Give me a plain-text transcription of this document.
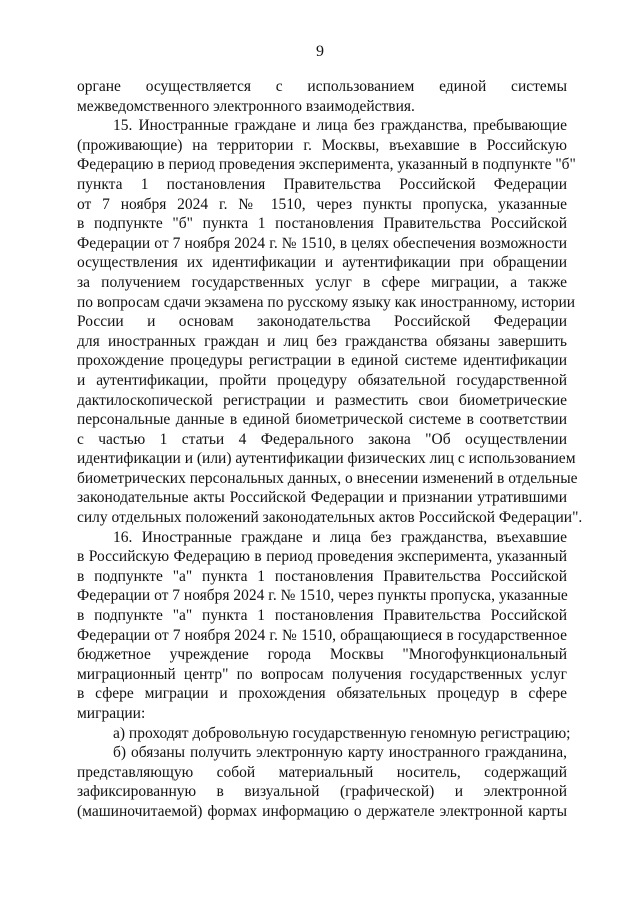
9
органе осуществляется с использованием единой системы
межведомственного электронного взаимодействия.
15. Иностранные граждане и лица без гражданства, пребывающие
(проживающие) на территории г. Москвы, въехавшие в Российскую
Федерацию в период проведения эксперимента, указанный в подпункте "б"
пункта 1 постановления Правительства Российской Федерации
от 7 ноября 2024 г. № 1510, через пункты пропуска, указанные
в подпункте "б" пункта 1 постановления Правительства Российской
Федерации от 7 ноября 2024 г. № 1510, в целях обеспечения возможности
осуществления их идентификации и аутентификации при обращении
за получением государственных услуг в сфере миграции, а также
по вопросам сдачи экзамена по русскому языку как иностранному, истории
России и основам законодательства Российской Федерации
для иностранных граждан и лиц без гражданства обязаны завершить
прохождение процедуры регистрации в единой системе идентификации
и аутентификации, пройти процедуру обязательной государственной
дактилоскопической регистрации и разместить свои биометрические
персональные данные в единой биометрической системе в соответствии
с частью 1 статьи 4 Федерального закона "Об осуществлении
идентификации и (или) аутентификации физических лиц с использованием
биометрических персональных данных, о внесении изменений в отдельные
законодательные акты Российской Федерации и признании утратившими
силу отдельных положений законодательных актов Российской Федерации".
16. Иностранные граждане и лица без гражданства, въехавшие
в Российскую Федерацию в период проведения эксперимента, указанный
в подпункте "а" пункта 1 постановления Правительства Российской
Федерации от 7 ноября 2024 г. № 1510, через пункты пропуска, указанные
в подпункте "а" пункта 1 постановления Правительства Российской
Федерации от 7 ноября 2024 г. № 1510, обращающиеся в государственное
бюджетное учреждение города Москвы "Многофункциональный
миграционный центр" по вопросам получения государственных услуг
в сфере миграции и прохождения обязательных процедур в сфере
миграции:
а) проходят добровольную государственную геномную регистрацию;
б) обязаны получить электронную карту иностранного гражданина,
представляющую собой материальный носитель, содержащий
зафиксированную в визуальной (графической) и электронной
(машиночитаемой) формах информацию о держателе электронной карты
